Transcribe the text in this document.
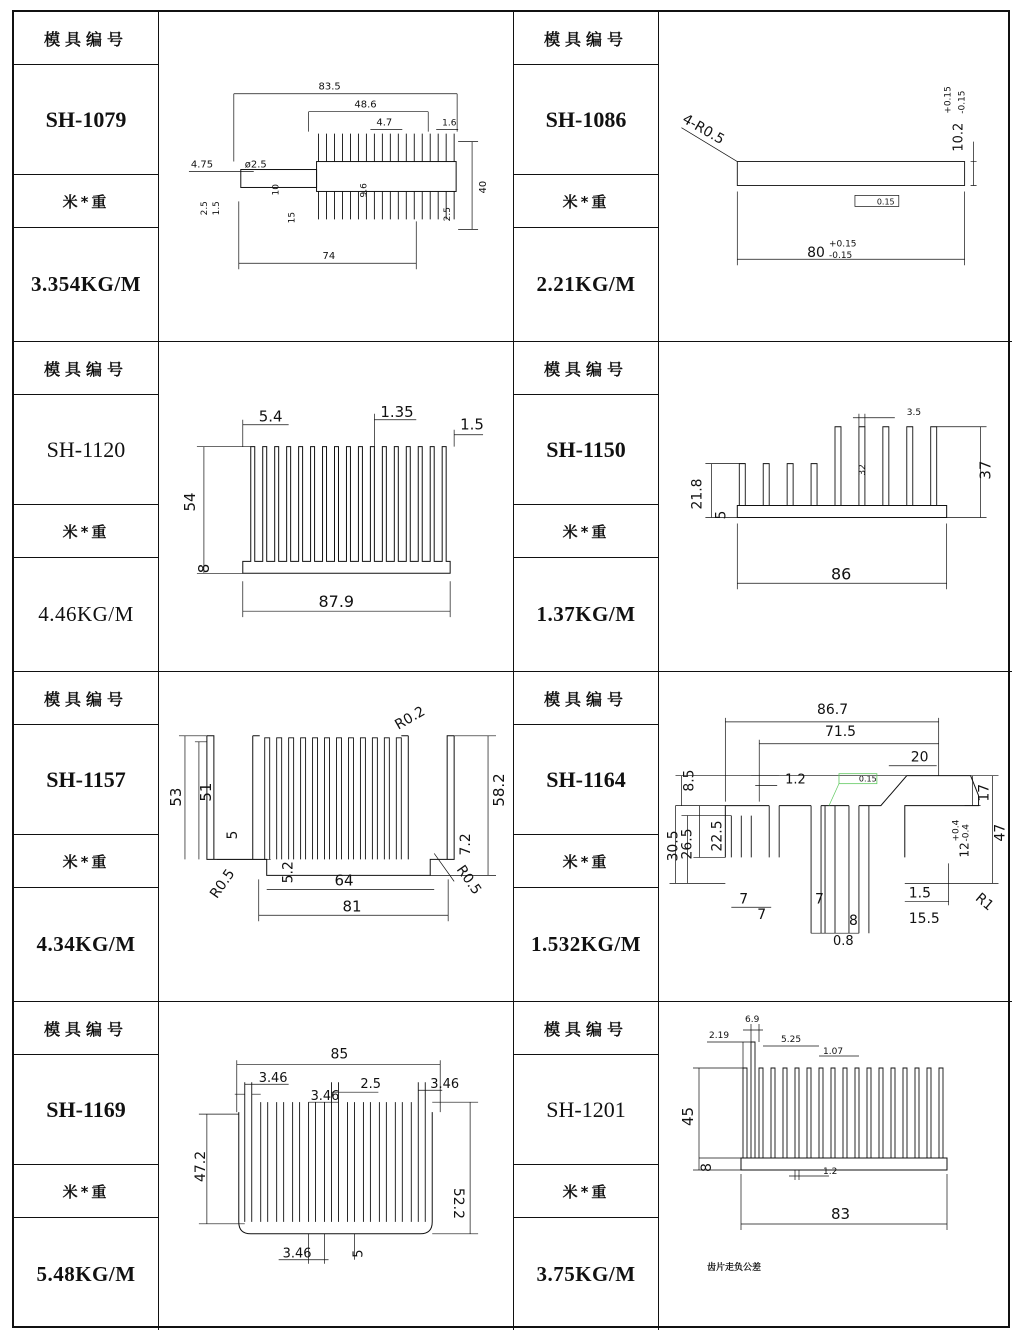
模具编号
SH-1079
米*重
3.354KG/M
83.5
48.6
4.7	1.6
4.75	ø2.5
10	9.6	40
2.5 1.5
15	2.5
74
模具编号
SH-1086
米*重
2.21KG/M
4-R0.5	10.2
+0.15 -0.15
0.15
80
+0.15
-0.15
模具编号
SH-1120
米*重
4.46KG/M
5.4	1.35
1.5
54
8
87.9
模具编号
SH-1150
米*重
1.37KG/M
3.5
21.8
5
32	37
86
模具编号
SH-1157
米*重
4.34KG/M
R0.2
53 51
5
58.2
7.2
R0.5	5.2	64	R0.5
81
模具编号
SH-1164
米*重
1.532KG/M
86.7
71.5
20
8.5	1.2	0.15
17
30.5
26.5 22.5	12
+0.4 -0.4 47
7
7
7
8
0.8
1.5	R1
15.5
模具编号
SH-1169
米*重
5.48KG/M
85
3.46
3.46
2.5	3.46
47.2
52.2
3.46	5
模具编号
SH-1201
米*重
3.75KG/M
6.9
2.19	5.25
1.07
45
8	1.2
83
齿片走负公差
